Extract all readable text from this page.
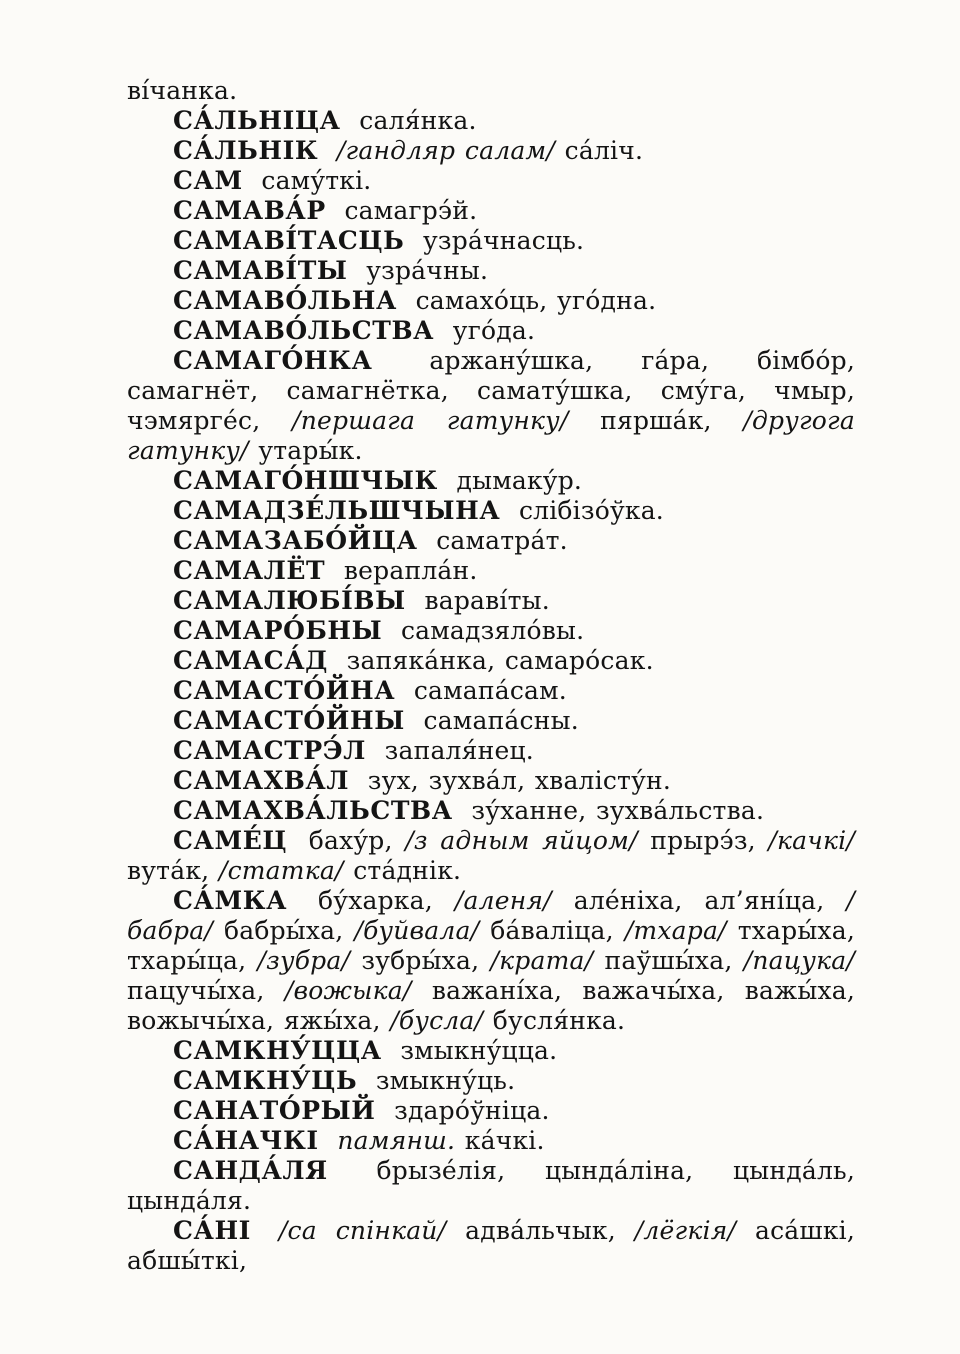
ві́чанка.

СА́ЛЬНІЦА саля́нка.

СА́ЛЬНІК /гандляр салам/ са́ліч.

САМ саму́ткі.

САМАВА́Р самагрэ́й.

САМАВІ́ТАСЦЬ узра́чнасць.

САМАВІ́ТЫ узра́чны.

САМАВО́ЛЬНА самахо́ць, уго́дна.

САМАВО́ЛЬСТВА уго́да.

САМАГО́НКА аржану́шка, га́ра, бімбо́р, самагнёт, самагнётка, самату́шка, сму́га, чмыр, чэмярге́с, /першага гатунку/ пярша́к, /другога гатунку/ утары́к.

САМАГО́НШЧЫК дымаку́р.

САМАДЗЕ́ЛЬШЧЫНА слібізо́ўка.

САМАЗАБО́ЙЦА саматра́т.

САМАЛЁТ верапла́н.

САМАЛЮБІ́ВЫ вараві́ты.

САМАРО́БНЫ самадзяло́вы.

САМАСА́Д запяка́нка, самаро́сак.

САМАСТО́ЙНА самапа́сам.

САМАСТО́ЙНЫ самапа́сны.

САМАСТРЭ́Л запаля́нец.

САМАХВА́Л зух, зухва́л, хвалісту́н.

САМАХВА́ЛЬСТВА зу́ханне, зухва́льства.

САМЕ́Ц баху́р, /з адным яйцом/ прырэ́з, /качкі/ вута́к, /статка/ ста́днік.

СА́МКА бу́харка, /аленя/ але́ніха, ал’яні́ца, /бабра/ бабры́ха, /буйвала/ ба́валіца, /тхара/ тхары́ха, тхары́ца, /зубра/ зубры́ха, /крата/ паўшы́ха, /пацука/ пацучы́ха, /вожыка/ важані́ха, важачы́ха, важы́ха, вожычы́ха, яжы́ха, /бусла/ бусля́нка.

САМКНУ́ЦЦА змыкну́цца.

САМКНУ́ЦЬ змыкну́ць.

САНАТО́РЫЙ здаро́ўніца.

СА́НАЧКІ памянш. ка́чкі.

САНДА́ЛЯ брызе́лія, цында́ліна, цында́ль, цында́ля.

СА́НІ /са спінкай/ адва́льчык, /лёгкія/ аса́шкі, абшы́ткі,
